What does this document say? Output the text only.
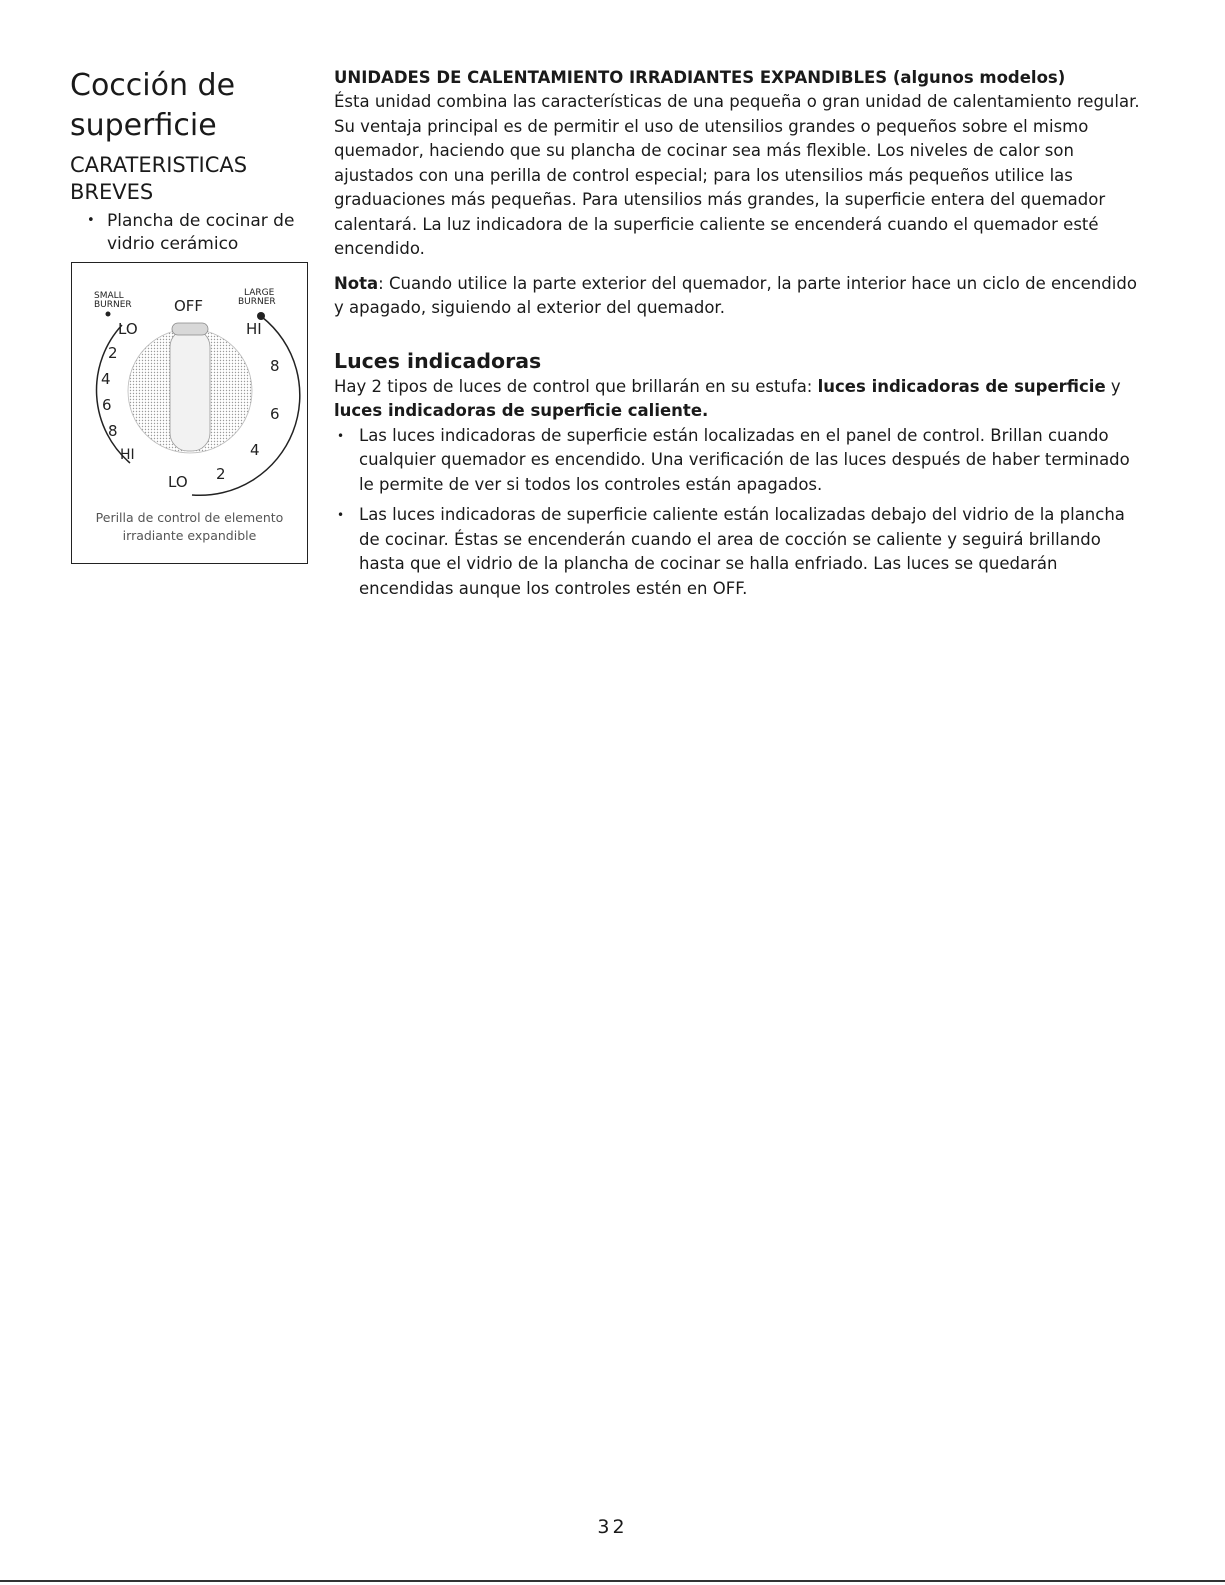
Cocción de superficie
CARATERISTICAS BREVES
• Plancha de cocinar de vidrio cerámico
SMALL
BURNER
LARGE
BURNER
OFF
LO
2
4
6
8
HI
HI
8
6
4
2
LO
Perilla de control de elemento irradiante expandible

UNIDADES DE CALENTAMIENTO IRRADIANTES EXPANDIBLES (algunos modelos)

Ésta unidad combina las características de una pequeña o gran unidad de calentamiento regular. Su ventaja principal es de permitir el uso de utensilios grandes o pequeños sobre el mismo quemador, haciendo que su plancha de cocinar sea más flexible. Los niveles de calor son ajustados con una perilla de control especial; para los utensilios más pequeños utilice las graduaciones más pequeñas. Para utensilios más grandes, la superficie entera del quemador calentará. La luz indicadora de la superficie caliente se encenderá cuando el quemador esté encendido.

Nota: Cuando utilice la parte exterior del quemador, la parte interior hace un ciclo de encendido y apagado, siguiendo al exterior del quemador.

Luces indicadoras

Hay 2 tipos de luces de control que brillarán en su estufa: luces indicadoras de superficie y luces indicadoras de superficie caliente.

• Las luces indicadoras de superficie están localizadas en el panel de control. Brillan cuando cualquier quemador es encendido. Una verificación de las luces después de haber terminado le permite de ver si todos los controles están apagados.
• Las luces indicadoras de superficie caliente están localizadas debajo del vidrio de la plancha de cocinar. Éstas se encenderán cuando el area de cocción se caliente y seguirá brillando hasta que el vidrio de la plancha de cocinar se halla enfriado. Las luces se quedarán encendidas aunque los controles estén en OFF.
32
